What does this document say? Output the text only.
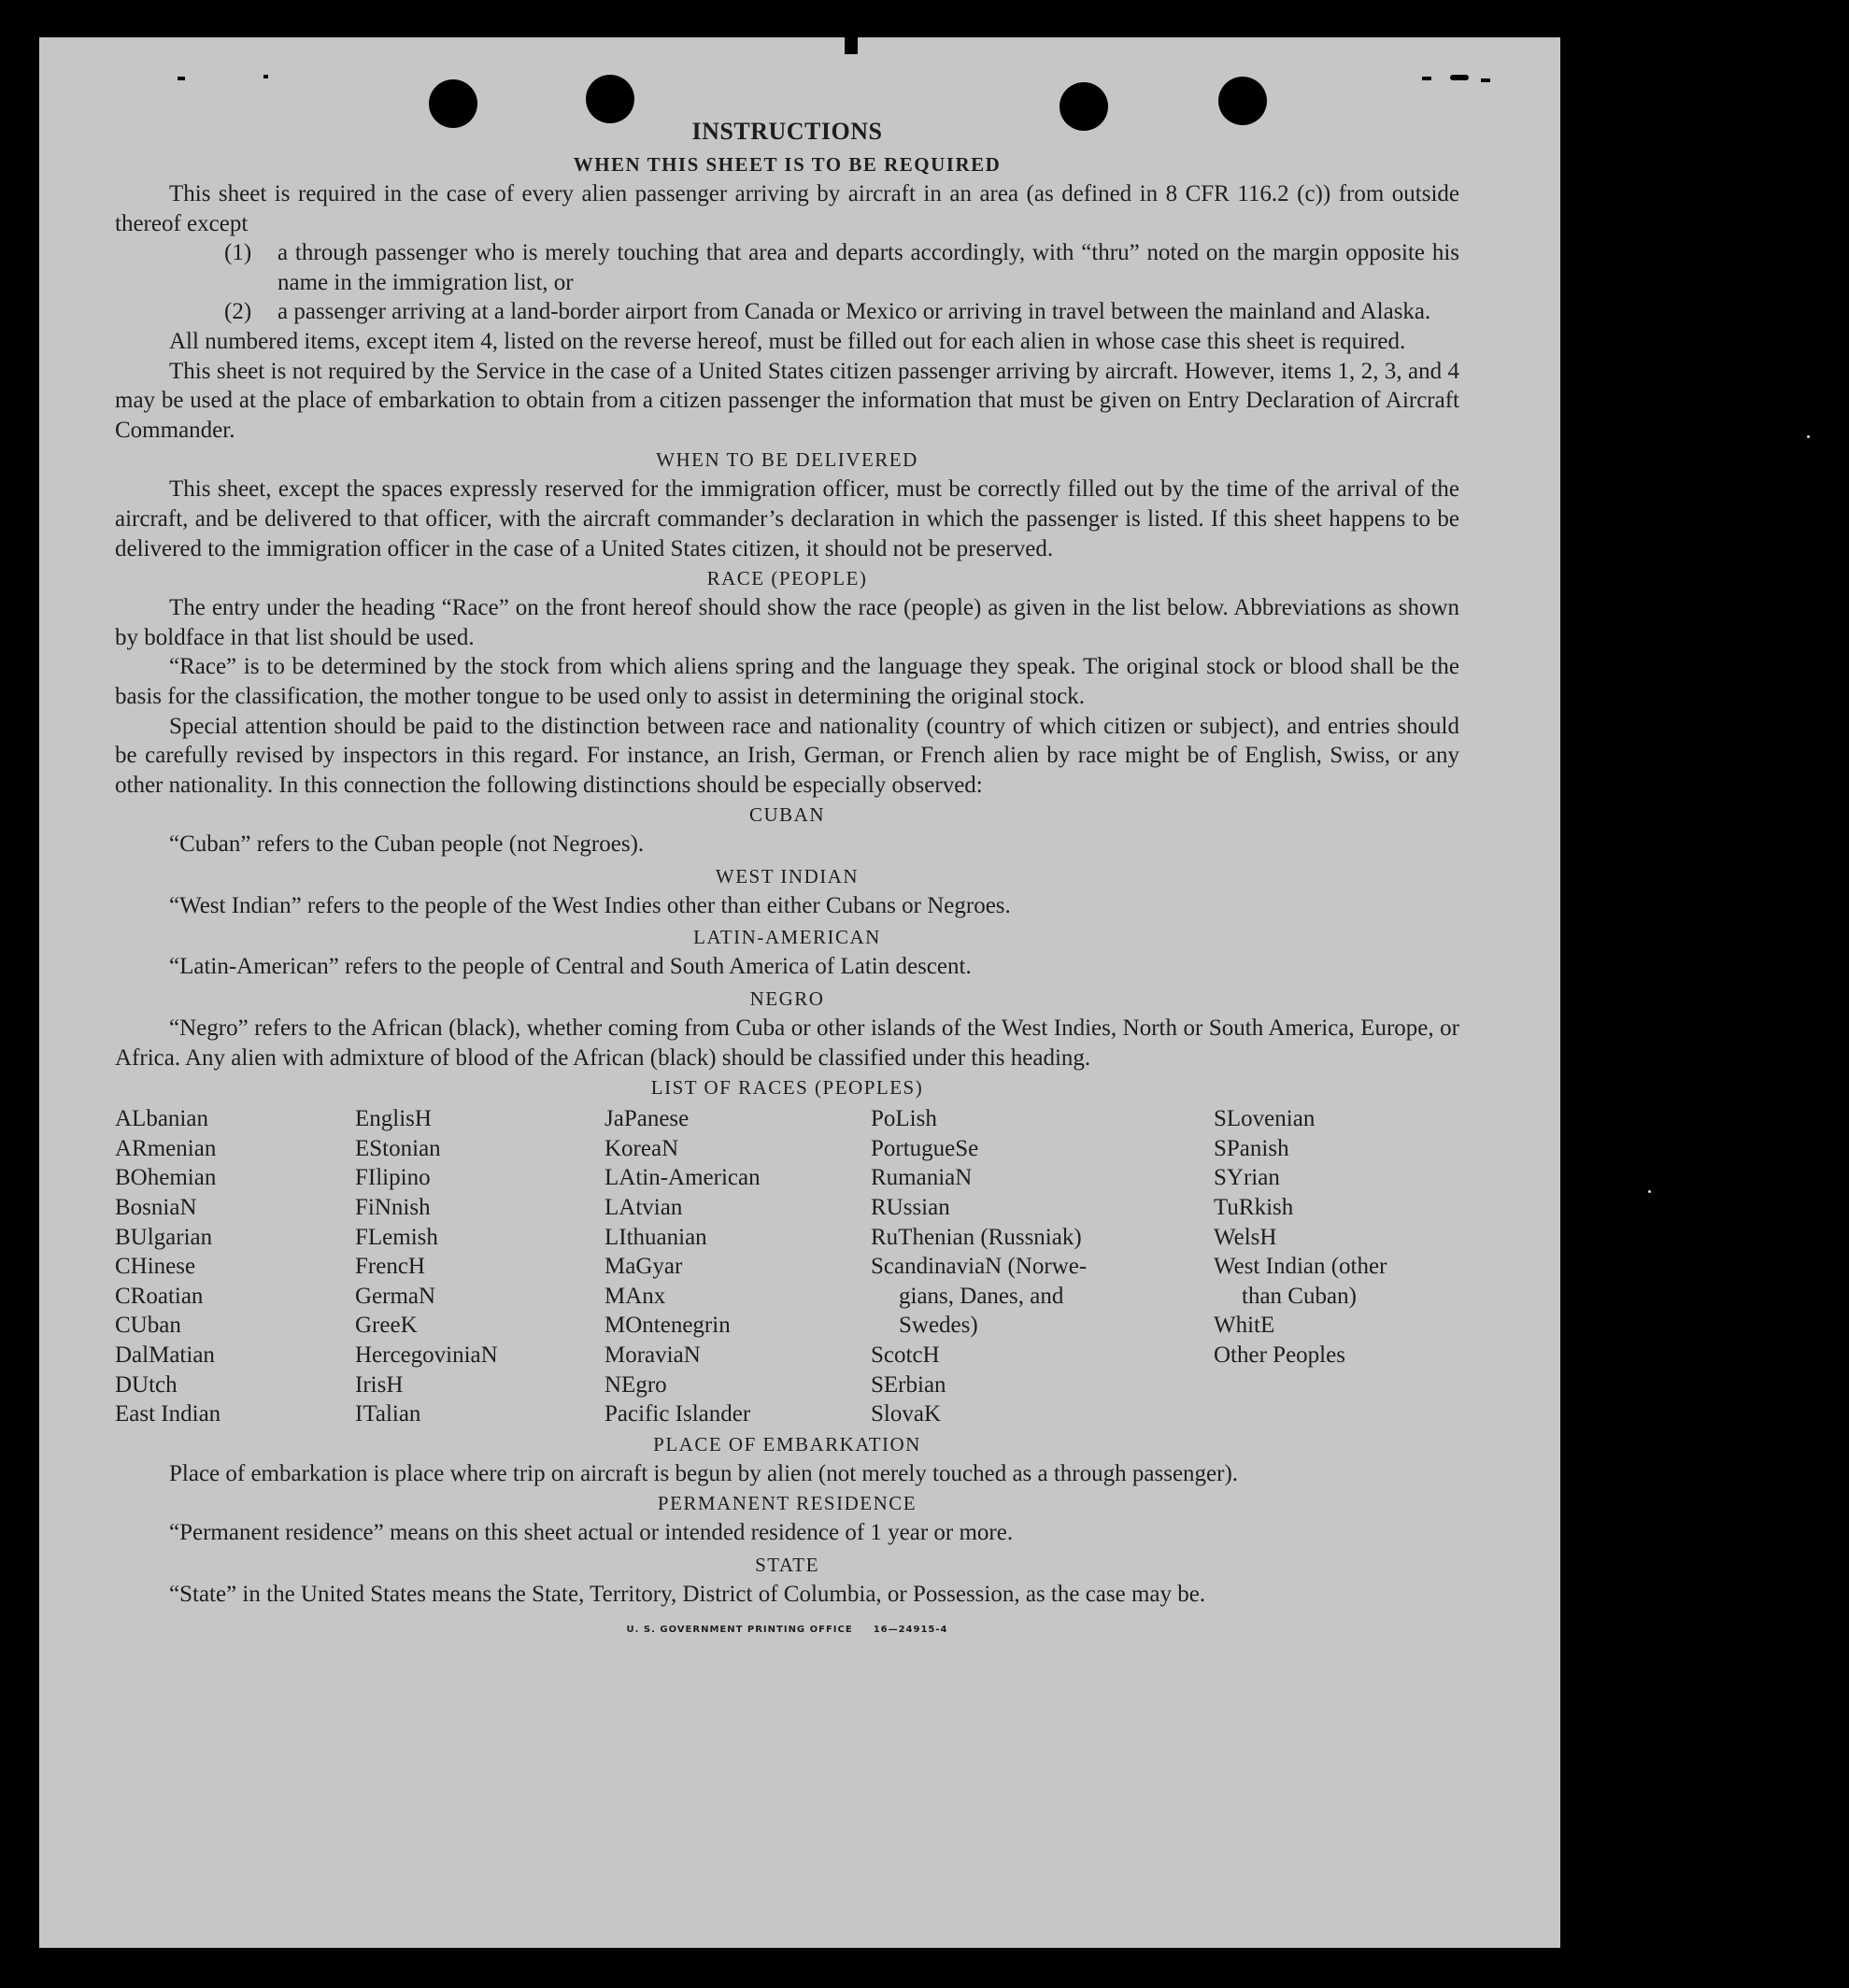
INSTRUCTIONS
WHEN THIS SHEET IS TO BE REQUIRED

This sheet is required in the case of every alien passenger arriving by aircraft in an area (as defined in 8 CFR 116.2 (c)) from outside thereof except

(1)	a through passenger who is merely touching that area and departs accordingly, with “thru” noted on the margin opposite his name in the immigration list, or
(2)	a passenger arriving at a land-border airport from Canada or Mexico or arriving in travel between the mainland and Alaska.

All numbered items, except item 4, listed on the reverse hereof, must be filled out for each alien in whose case this sheet is required.

This sheet is not required by the Service in the case of a United States citizen passenger arriving by aircraft. However, items 1, 2, 3, and 4 may be used at the place of embarkation to obtain from a citizen passenger the information that must be given on Entry Declaration of Aircraft Commander.

WHEN TO BE DELIVERED

This sheet, except the spaces expressly reserved for the immigration officer, must be correctly filled out by the time of the arrival of the aircraft, and be delivered to that officer, with the aircraft commander’s declaration in which the passenger is listed. If this sheet happens to be delivered to the immigration officer in the case of a United States citizen, it should not be preserved.

RACE (PEOPLE)

The entry under the heading “Race” on the front hereof should show the race (people) as given in the list below. Abbreviations as shown by boldface in that list should be used.

“Race” is to be determined by the stock from which aliens spring and the language they speak. The original stock or blood shall be the basis for the classification, the mother tongue to be used only to assist in determining the original stock.

Special attention should be paid to the distinction between race and nationality (country of which citizen or subject), and entries should be carefully revised by inspectors in this regard. For instance, an Irish, German, or French alien by race might be of English, Swiss, or any other nationality. In this connection the following distinctions should be especially observed:

CUBAN
“Cuban” refers to the Cuban people (not Negroes).
WEST INDIAN
“West Indian” refers to the people of the West Indies other than either Cubans or Negroes.
LATIN-AMERICAN
“Latin-American” refers to the people of Central and South America of Latin descent.
NEGRO

“Negro” refers to the African (black), whether coming from Cuba or other islands of the West Indies, North or South America, Europe, or Africa. Any alien with admixture of blood of the African (black) should be classified under this heading.

LIST OF RACES (PEOPLES)
ALbanian
ARmenian
BOhemian
BosniaN
BUlgarian
CHinese
CRoatian
CUban
DalMatian
DUtch
East Indian
EnglisH
EStonian
FIlipino
FiNnish
FLemish
FrencH
GermaN
GreeK
HercegoviniaN
IrisH
ITalian
JaPanese
KoreaN
LAtin-American
LAtvian
LIthuanian
MaGyar
MAnx
MOntenegrin
MoraviaN
NEgro
Pacific Islander
PoLish
PortugueSe
RumaniaN
RUssian
RuThenian (Russniak)
ScandinaviaN (Norwe-
gians, Danes, and
Swedes)
ScotcH
SErbian
SlovaK
SLovenian
SPanish
SYrian
TuRkish
WelsH
West Indian (other
than Cuban)
WhitE
Other Peoples
PLACE OF EMBARKATION

Place of embarkation is place where trip on aircraft is begun by alien (not merely touched as a through passenger).

PERMANENT RESIDENCE
“Permanent residence” means on this sheet actual or intended residence of 1 year or more.
STATE

“State” in the United States means the State, Territory, District of Columbia, or Possession, as the case may be.

U. S. GOVERNMENT PRINTING OFFICE 16—24915-4
